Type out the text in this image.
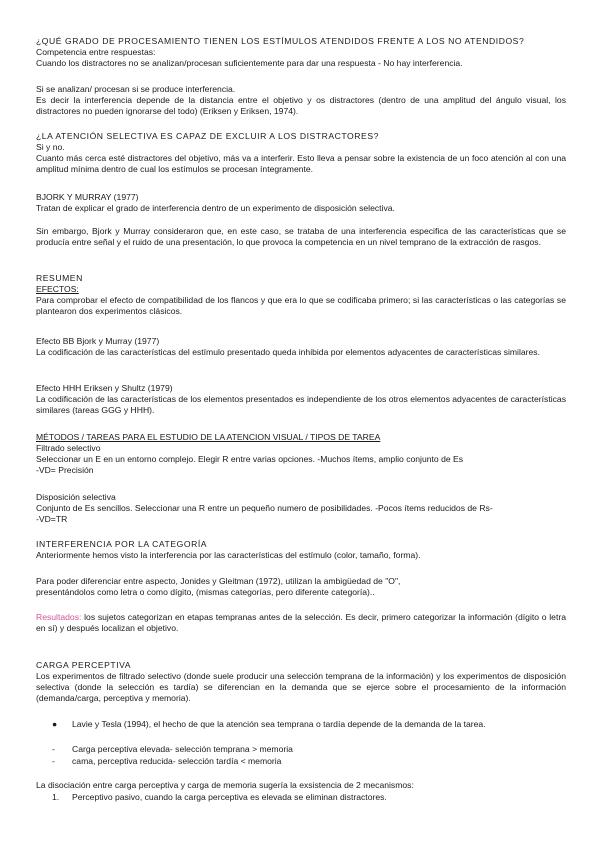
¿QUÉ GRADO DE PROCESAMIENTO TIENEN LOS ESTÍMULOS ATENDIDOS FRENTE A LOS NO ATENDIDOS?

Competencia entre respuestas:

Cuando los distractores no se analizan/procesan suficientemente para dar una respuesta - No hay interferencia.

Si se analizan/ procesan si se produce interferencia.

Es decir la interferencia depende de la distancia entre el objetivo y os distractores (dentro de una amplitud del ángulo visual, los distractores no pueden ignorarse del todo) (Eriksen y Eriksen, 1974).

¿LA ATENCIÓN SELECTIVA ES CAPAZ DE EXCLUIR A LOS DISTRACTORES?

Si y no.

Cuanto más cerca esté distractores del objetivo, más va a interferir. Esto lleva a pensar sobre la existencia de un foco atención al con una amplitud mínima dentro de cual los estímulos se procesan íntegramente.

BJORK Y MURRAY (1977)

Tratan de explicar el grado de interferencia dentro de un experimento de disposición selectiva.

Sin embargo, Bjork y Murray consideraron que, en este caso, se trataba de una interferencia especifica de las características que se producía entre señal y el ruido de una presentación, lo que provoca la competencia en un nivel temprano de la extracción de rasgos.

RESUMEN

EFECTOS:

Para comprobar el efecto de compatibilidad de los flancos y que era lo que se codificaba primero; si las características o las categorías se plantearon dos experimentos clásicos.

Efecto BB Bjork y Murray (1977)

La codificación de las características del estímulo presentado queda inhibida por elementos adyacentes de características similares.

Efecto HHH Eriksen y Shultz (1979)

La codificación de las características de los elementos presentados es independiente de los otros elementos adyacentes de características similares (tareas GGG y HHH).

MÉTODOS / TAREAS PARA EL ESTUDIO DE LA ATENCION VISUAL / TIPOS DE TAREA

Filtrado selectivo

Seleccionar un E en un entorno complejo. Elegir R entre varias opciones. -Muchos ítems, amplio conjunto de Es

-VD= Precisión

Disposición selectiva

Conjunto de Es sencillos. Seleccionar una R entre un pequeño numero de posibilidades. -Pocos ítems reducidos de Rs-

-VD=TR

INTERFERENCIA POR LA CATEGORÍA

Anteriormente hemos visto la interferencia por las características del estímulo (color, tamaño, forma).

Para poder diferenciar entre aspecto, Jonides y Gleitman (1972), utilizan la ambigüedad de "O",

presentándolos como letra o como dígito, (mismas categorías, pero diferente categoría)..

Resultados: los sujetos categorizan en etapas tempranas antes de la selección. Es decir, primero categorizar la información (dígito o letra en sí) y después localizan el objetivo.

CARGA PERCEPTIVA

Los experimentos de filtrado selectivo (donde suele producir una selección temprana de la información) y los experimentos de disposición selectiva (donde la selección es tardía) se diferencian en la demanda que se ejerce sobre el procesamiento de la información (demanda/carga, perceptiva y memoria).

● Lavie y Tesla (1994), el hecho de que la atención sea temprana o tardía depende de la demanda de la tarea.
- Carga perceptiva elevada- selección temprana > memoria
- cama, perceptiva reducida- selección tardía < memoria

La disociación entre carga perceptiva y carga de memoria sugería la exsistencia de 2 mecanismos:

1. Perceptivo pasivo, cuando la carga perceptiva es elevada se eliminan distractores.
